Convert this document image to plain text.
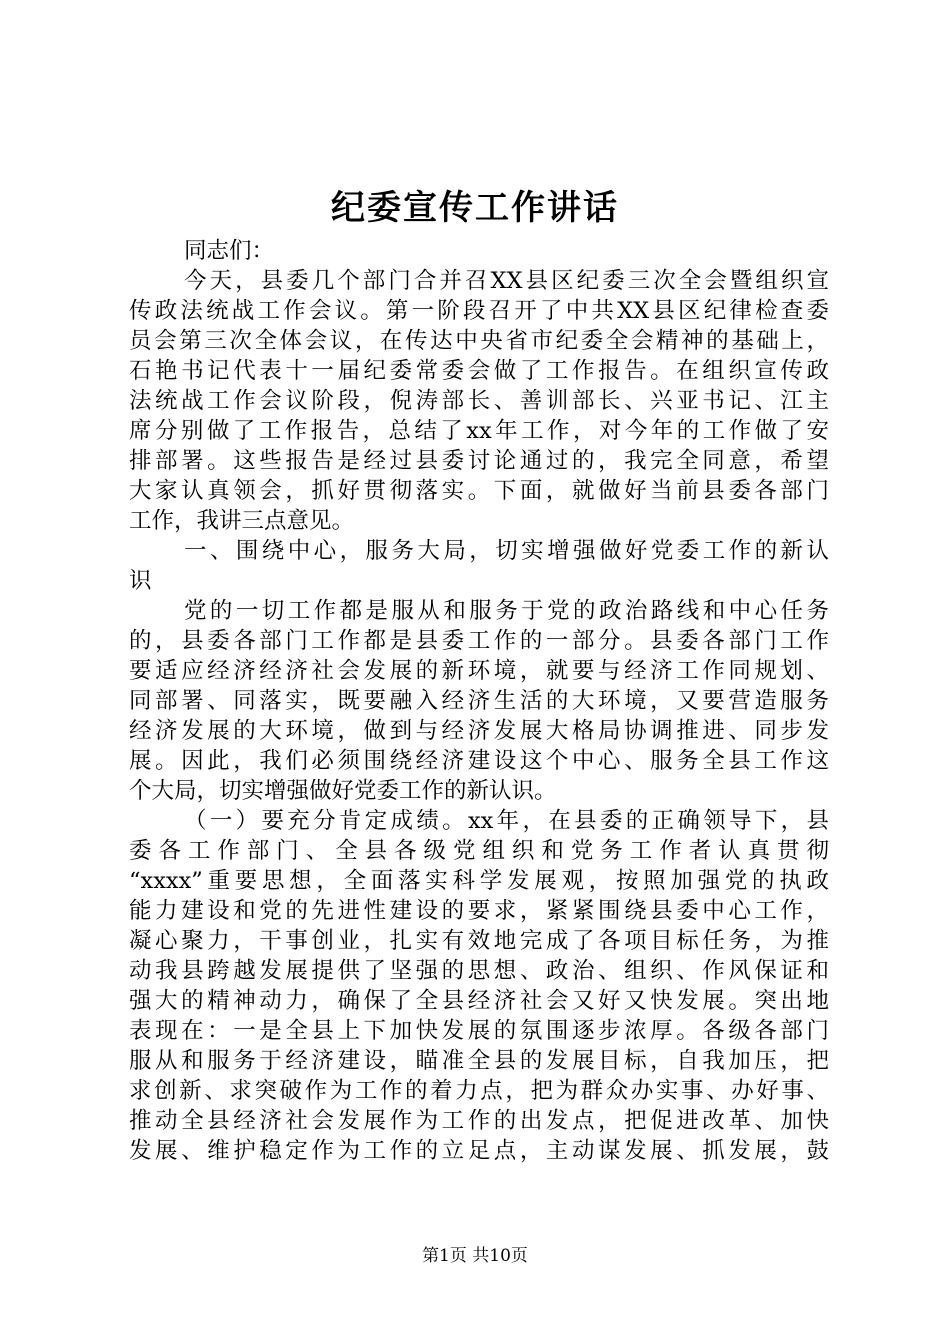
纪委宣传工作讲话
同志们：
今天，县委几个部门合并召XX县区纪委三次全会暨组织宣
传政法统战工作会议。第一阶段召开了中共XX县区纪律检查委
员会第三次全体会议，在传达中央省市纪委全会精神的基础上，
石艳书记代表十一届纪委常委会做了工作报告。在组织宣传政
法统战工作会议阶段，倪涛部长、善训部长、兴亚书记、江主
席分别做了工作报告，总结了xx年工作，对今年的工作做了安
排部署。这些报告是经过县委讨论通过的，我完全同意，希望
大家认真领会，抓好贯彻落实。下面，就做好当前县委各部门
工作，我讲三点意见。
一、围绕中心，服务大局，切实增强做好党委工作的新认
识
党的一切工作都是服从和服务于党的政治路线和中心任务
的，县委各部门工作都是县委工作的一部分。县委各部门工作
要适应经济经济社会发展的新环境，就要与经济工作同规划、
同部署、同落实，既要融入经济生活的大环境，又要营造服务
经济发展的大环境，做到与经济发展大格局协调推进、同步发
展。因此，我们必须围绕经济建设这个中心、服务全县工作这
个大局，切实增强做好党委工作的新认识。
（一）要充分肯定成绩。xx年，在县委的正确领导下，县
委各工作部门、全县各级党组织和党务工作者认真贯彻
“xxxx”重要思想，全面落实科学发展观，按照加强党的执政
能力建设和党的先进性建设的要求，紧紧围绕县委中心工作，
凝心聚力，干事创业，扎实有效地完成了各项目标任务，为推
动我县跨越发展提供了坚强的思想、政治、组织、作风保证和
强大的精神动力，确保了全县经济社会又好又快发展。突出地
表现在：一是全县上下加快发展的氛围逐步浓厚。各级各部门
服从和服务于经济建设，瞄准全县的发展目标，自我加压，把
求创新、求突破作为工作的着力点，把为群众办实事、办好事、
推动全县经济社会发展作为工作的出发点，把促进改革、加快
发展、维护稳定作为工作的立足点，主动谋发展、抓发展，鼓
第1页 共10页
